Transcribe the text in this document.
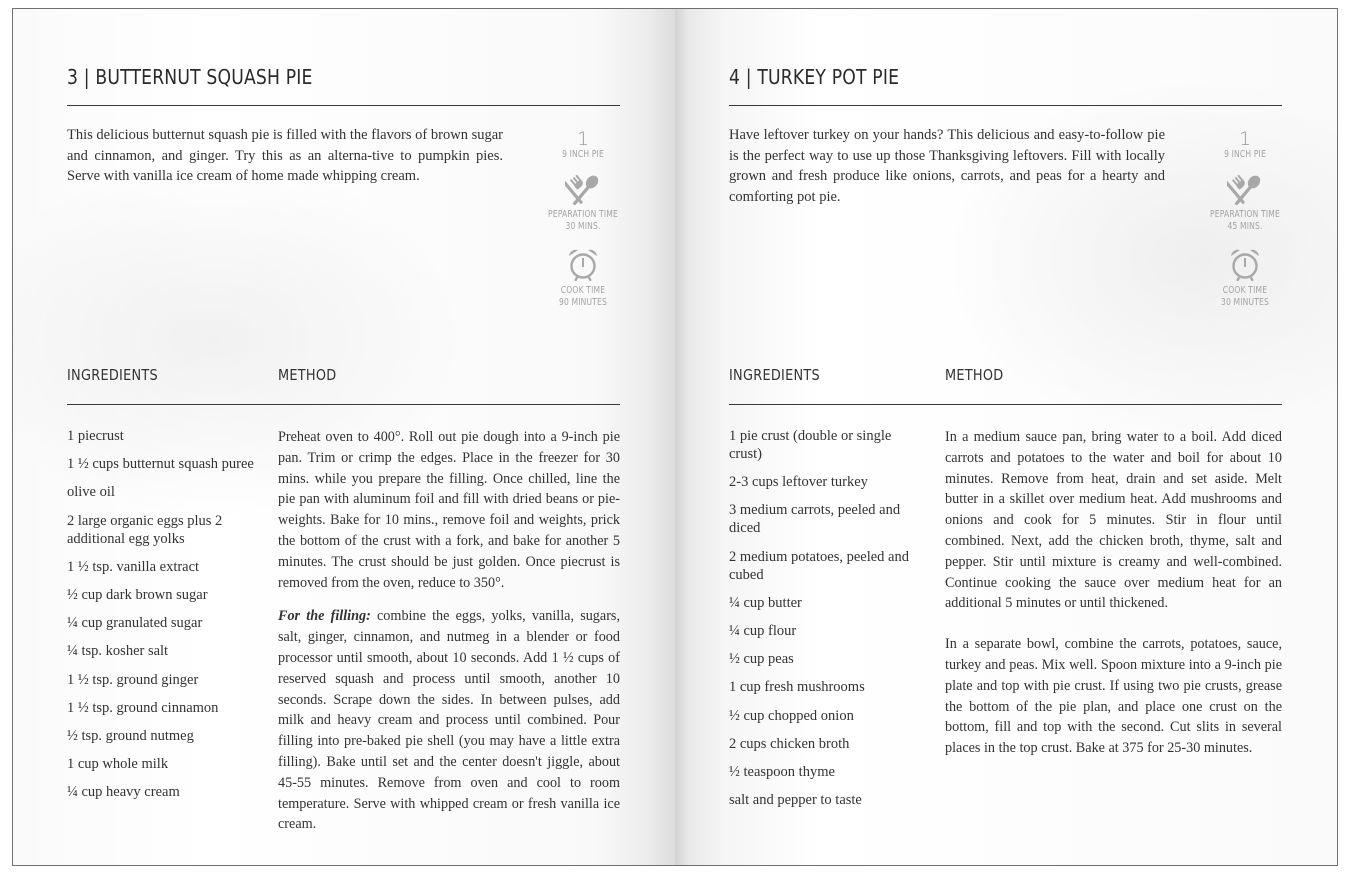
3 | BUTTERNUT SQUASH PIE
This delicious butternut squash pie is filled with the flavors of brown sugar and cinnamon, and ginger. Try this as an alterna-tive to pumpkin pies. Serve with vanilla ice cream of home made whipping cream.
1
9 INCH PIE
PEPARATION TIME
30 MINS.
COOK TIME
90 MINUTES
INGREDIENTS	METHOD
1 piecrust
1 ½ cups butternut squash puree
olive oil
2 large organic eggs plus 2 additional egg yolks
1 ½ tsp. vanilla extract
½ cup dark brown sugar
¼ cup granulated sugar
¼ tsp. kosher salt
1 ½ tsp. ground ginger
1 ½ tsp. ground cinnamon
½ tsp. ground nutmeg
1 cup whole milk
¼ cup heavy cream

Preheat oven to 400°. Roll out pie dough into a 9-inch pie pan. Trim or crimp the edges. Place in the freezer for 30 mins. while you prepare the filling. Once chilled, line the pie pan with aluminum foil and fill with dried beans or pie-weights. Bake for 10 mins., remove foil and weights, prick the bottom of the crust with a fork, and bake for another 5 minutes. The crust should be just golden. Once piecrust is removed from the oven, reduce to 350°.

For the filling: combine the eggs, yolks, vanilla, sugars, salt, ginger, cinnamon, and nutmeg in a blender or food processor until smooth, about 10 seconds. Add 1 ½ cups of reserved squash and process until smooth, another 10 seconds. Scrape down the sides. In between pulses, add milk and heavy cream and process until combined. Pour filling into pre-baked pie shell (you may have a little extra filling). Bake until set and the center doesn't jiggle, about 45-55 minutes. Remove from oven and cool to room temperature. Serve with whipped cream or fresh vanilla ice cream.

4 | TURKEY POT PIE
Have leftover turkey on your hands? This delicious and easy-to-follow pie is the perfect way to use up those Thanksgiving leftovers. Fill with locally grown and fresh produce like onions, carrots, and peas for a hearty and comforting pot pie.
1
9 INCH PIE
PEPARATION TIME
45 MINS.
COOK TIME
30 MINUTES
INGREDIENTS	METHOD
1 pie crust (double or single crust)
2-3 cups leftover turkey
3 medium carrots, peeled and diced
2 medium potatoes, peeled and cubed
¼ cup butter
¼ cup flour
½ cup peas
1 cup fresh mushrooms
½ cup chopped onion
2 cups chicken broth
½ teaspoon thyme
salt and pepper to taste

In a medium sauce pan, bring water to a boil. Add diced carrots and potatoes to the water and boil for about 10 minutes. Remove from heat, drain and set aside. Melt butter in a skillet over medium heat. Add mushrooms and onions and cook for 5 minutes. Stir in flour until combined. Next, add the chicken broth, thyme, salt and pepper. Stir until mixture is creamy and well-combined. Continue cooking the sauce over medium heat for an additional 5 minutes or until thickened.

In a separate bowl, combine the carrots, potatoes, sauce, turkey and peas. Mix well. Spoon mixture into a 9-inch pie plate and top with pie crust. If using two pie crusts, grease the bottom of the pie plan, and place one crust on the bottom, fill and top with the second. Cut slits in several places in the top crust. Bake at 375 for 25-30 minutes.
